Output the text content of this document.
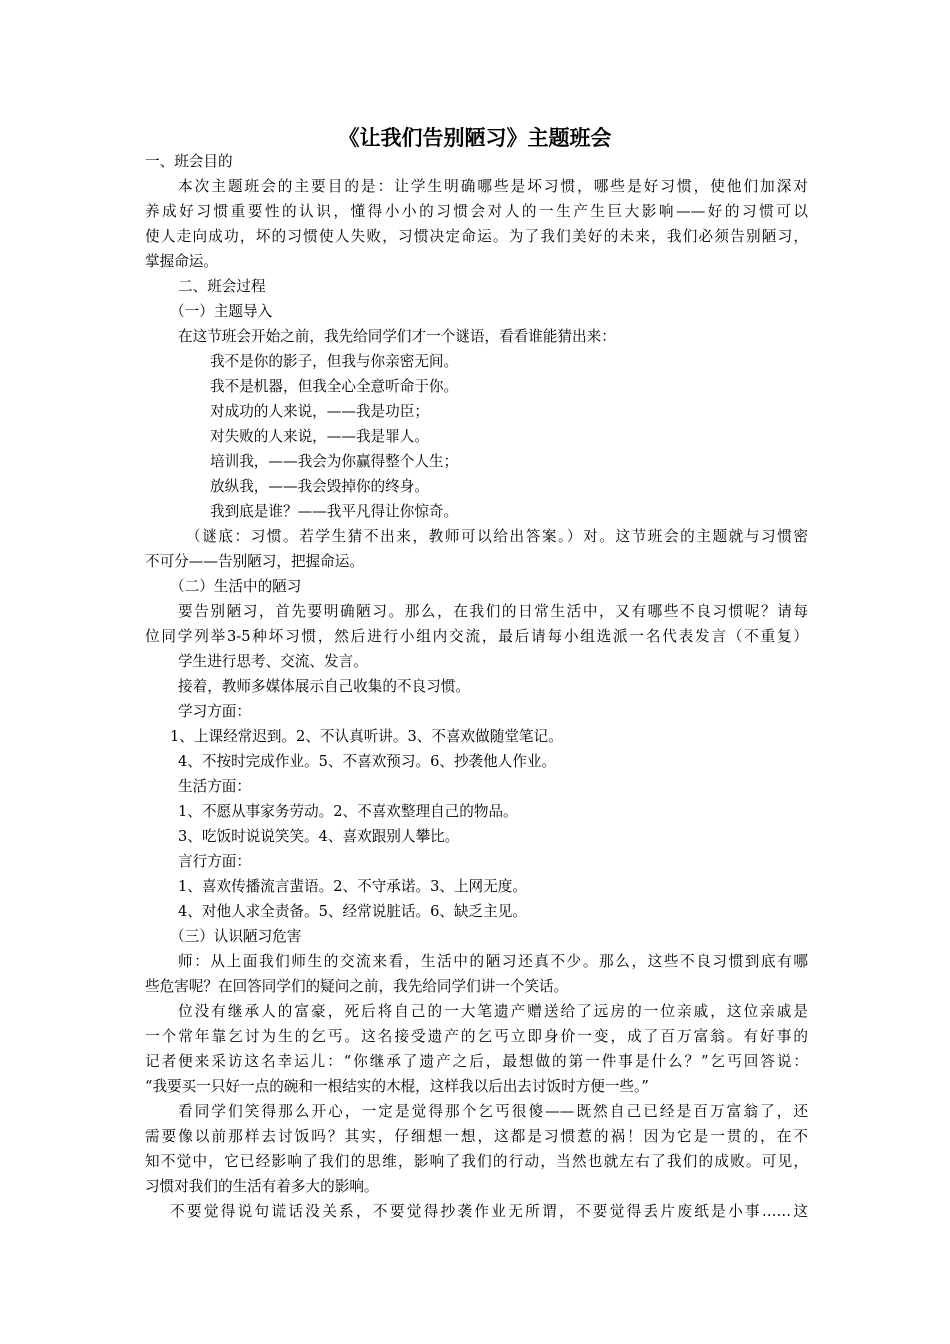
《让我们告别陋习》主题班会
一、班会目的
本次主题班会的主要目的是：让学生明确哪些是坏习惯，哪些是好习惯，使他们加深对
养成好习惯重要性的认识，懂得小小的习惯会对人的一生产生巨大影响——好的习惯可以
使人走向成功，坏的习惯使人失败，习惯决定命运。为了我们美好的未来，我们必须告别陋习，
掌握命运。
二、班会过程
（一）主题导入
在这节班会开始之前，我先给同学们才一个谜语，看看谁能猜出来：
我不是你的影子，但我与你亲密无间。
我不是机器，但我全心全意听命于你。
对成功的人来说，——我是功臣；
对失败的人来说，——我是罪人。
培训我，——我会为你赢得整个人生；
放纵我，——我会毁掉你的终身。
我到底是谁？——我平凡得让你惊奇。
（谜底：习惯。若学生猜不出来，教师可以给出答案。）对。这节班会的主题就与习惯密
不可分——告别陋习，把握命运。
（二）生活中的陋习
要告别陋习，首先要明确陋习。那么，在我们的日常生活中，又有哪些不良习惯呢？请每
位同学列举3-5种坏习惯，然后进行小组内交流，最后请每小组选派一名代表发言（不重复）
学生进行思考、交流、发言。
接着，教师多媒体展示自己收集的不良习惯。
学习方面：
1、上课经常迟到。2、不认真听讲。3、不喜欢做随堂笔记。
4、不按时完成作业。5、不喜欢预习。6、抄袭他人作业。
生活方面：
1、不愿从事家务劳动。2、不喜欢整理自己的物品。
3、吃饭时说说笑笑。4、喜欢跟别人攀比。
言行方面：
1、喜欢传播流言蜚语。2、不守承诺。3、上网无度。
4、对他人求全责备。5、经常说脏话。6、缺乏主见。
（三）认识陋习危害
师：从上面我们师生的交流来看，生活中的陋习还真不少。那么，这些不良习惯到底有哪
些危害呢？在回答同学们的疑问之前，我先给同学们讲一个笑话。
位没有继承人的富豪，死后将自己的一大笔遗产赠送给了远房的一位亲戚，这位亲戚是
一个常年靠乞讨为生的乞丐。这名接受遗产的乞丐立即身价一变，成了百万富翁。有好事的
记者便来采访这名幸运儿：“你继承了遗产之后，最想做的第一件事是什么？”乞丐回答说：
“我要买一只好一点的碗和一根结实的木棍，这样我以后出去讨饭时方便一些。”
看同学们笑得那么开心，一定是觉得那个乞丐很傻——既然自己已经是百万富翁了，还
需要像以前那样去讨饭吗？其实，仔细想一想，这都是习惯惹的祸！因为它是一贯的，在不
知不觉中，它已经影响了我们的思维，影响了我们的行动，当然也就左右了我们的成败。可见，
习惯对我们的生活有着多大的影响。
不要觉得说句谎话没关系，不要觉得抄袭作业无所谓，不要觉得丢片废纸是小事……这
